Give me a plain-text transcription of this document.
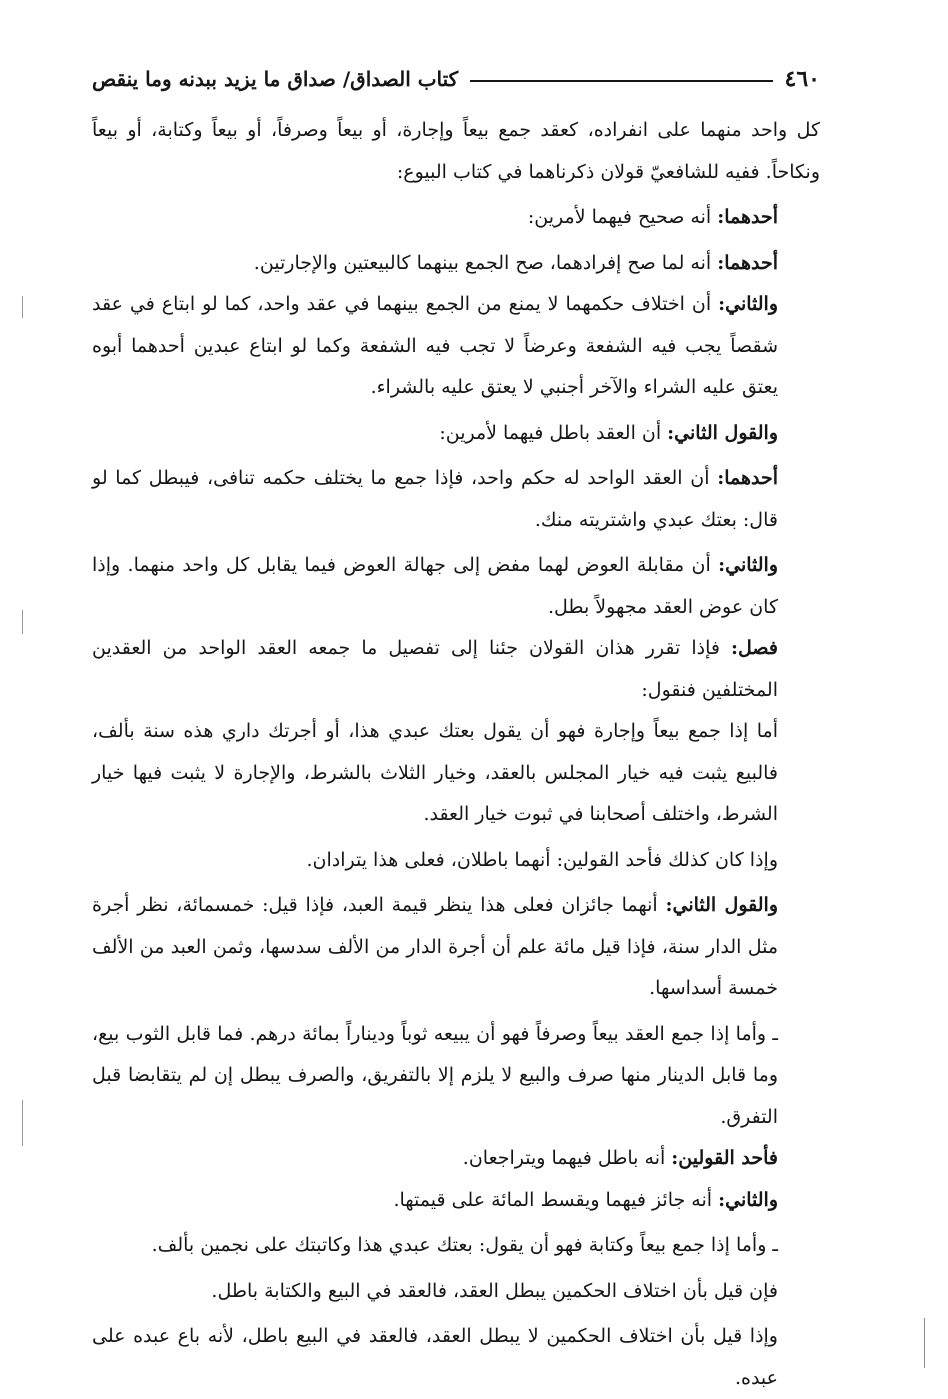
٤٦٠
كتاب الصداق/ صداق ما يزيد ببدنه وما ينقص

كل واحد منهما على انفراده، كعقد جمع بيعاً وإجارة، أو بيعاً وصرفاً، أو بيعاً وكتابة، أو بيعاً ونكاحاً. ففيه للشافعيّ قولان ذكرناهما في كتاب البيوع:

أحدهما: أنه صحيح فيهما لأمرين:

أحدهما: أنه لما صح إفرادهما، صح الجمع بينهما كالبيعتين والإجارتين.

والثاني: أن اختلاف حكمهما لا يمنع من الجمع بينهما في عقد واحد، كما لو ابتاع في عقد شقصاً يجب فيه الشفعة وعرضاً لا تجب فيه الشفعة وكما لو ابتاع عبدين أحدهما أبوه يعتق عليه الشراء والآخر أجنبي لا يعتق عليه بالشراء.

والقول الثاني: أن العقد باطل فيهما لأمرين:

أحدهما: أن العقد الواحد له حكم واحد، فإذا جمع ما يختلف حكمه تنافى، فيبطل كما لو قال: بعتك عبدي واشتريته منك.

والثاني: أن مقابلة العوض لهما مفض إلى جهالة العوض فيما يقابل كل واحد منهما. وإذا كان عوض العقد مجهولاً بطل.

فصل: فإذا تقرر هذان القولان جئنا إلى تفصيل ما جمعه العقد الواحد من العقدين المختلفين فنقول:

أما إذا جمع بيعاً وإجارة فهو أن يقول بعتك عبدي هذا، أو أجرتك داري هذه سنة بألف، فالبيع يثبت فيه خيار المجلس بالعقد، وخيار الثلاث بالشرط، والإجارة لا يثبت فيها خيار الشرط، واختلف أصحابنا في ثبوت خيار العقد.

وإذا كان كذلك فأحد القولين: أنهما باطلان، فعلى هذا يترادان.

والقول الثاني: أنهما جائزان فعلى هذا ينظر قيمة العبد، فإذا قيل: خمسمائة، نظر أجرة مثل الدار سنة، فإذا قيل مائة علم أن أجرة الدار من الألف سدسها، وثمن العبد من الألف خمسة أسداسها.

ـ وأما إذا جمع العقد بيعاً وصرفاً فهو أن يبيعه ثوباً وديناراً بمائة درهم. فما قابل الثوب بيع، وما قابل الدينار منها صرف والبيع لا يلزم إلا بالتفريق، والصرف يبطل إن لم يتقابضا قبل التفرق.

فأحد القولين: أنه باطل فيهما ويتراجعان.

والثاني: أنه جائز فيهما ويقسط المائة على قيمتها.

ـ وأما إذا جمع بيعاً وكتابة فهو أن يقول: بعتك عبدي هذا وكاتبتك على نجمين بألف.

فإن قيل بأن اختلاف الحكمين يبطل العقد، فالعقد في البيع والكتابة باطل.

وإذا قيل بأن اختلاف الحكمين لا يبطل العقد، فالعقد في البيع باطل، لأنه باع عبده على عبده.
